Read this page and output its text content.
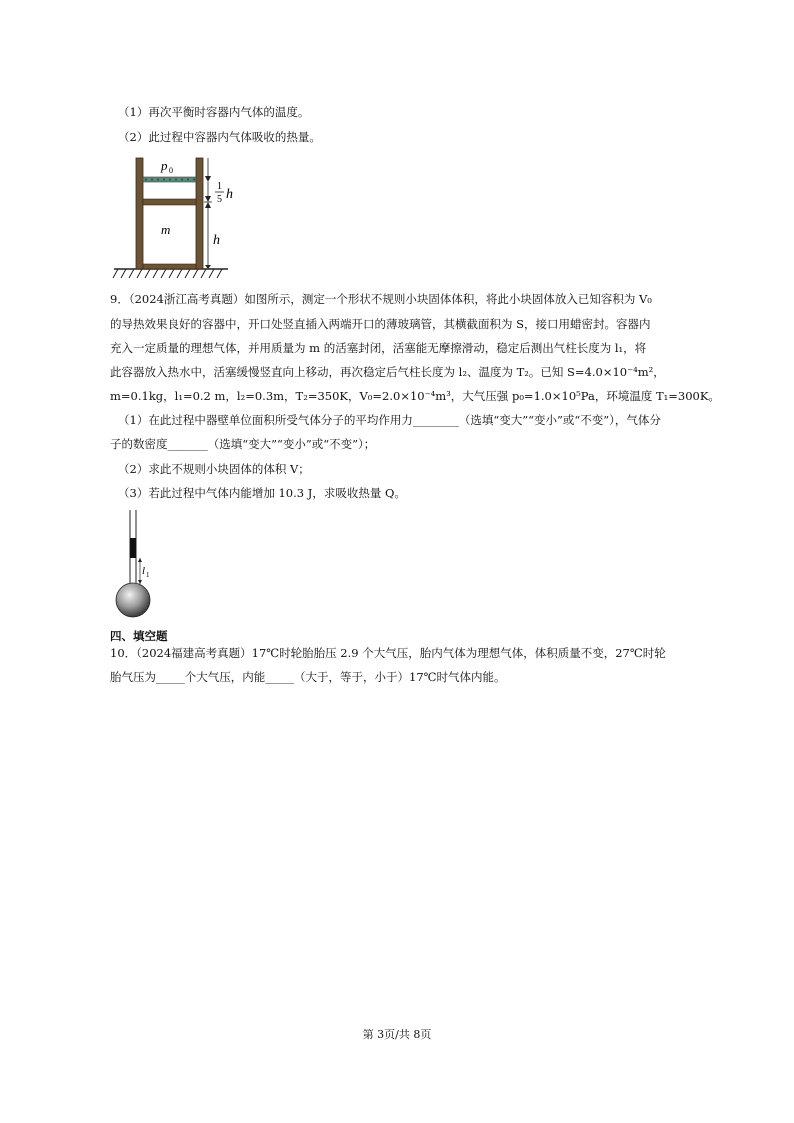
（1）再次平衡时容器内气体的温度。
（2）此过程中容器内气体吸收的热量。
p 0
m
h
1
5 h
9．（2024浙江高考真题）如图所示，测定一个形状不规则小块固体体积，将此小块固体放入已知容积为 V₀
的导热效果良好的容器中，开口处竖直插入两端开口的薄玻璃管，其横截面积为 S，接口用蜡密封。容器内
充入一定质量的理想气体，并用质量为 m 的活塞封闭，活塞能无摩擦滑动，稳定后测出气柱长度为 l₁，将
此容器放入热水中，活塞缓慢竖直向上移动，再次稳定后气柱长度为 l₂、温度为 T₂。已知 S=4.0×10⁻⁴m²，
m=0.1kg，l₁=0.2 m，l₂=0.3m，T₂=350K，V₀=2.0×10⁻⁴m³，大气压强 p₀=1.0×10⁵Pa，环境温度 T₁=300K。
（1）在此过程中器壁单位面积所受气体分子的平均作用力________（选填“变大”“变小”或“不变”），气体分
子的数密度_______（选填“变大”“变小”或“不变”）；
（2）求此不规则小块固体的体积 V；
（3）若此过程中气体内能增加 10.3 J，求吸收热量 Q。
l 1
四、填空题
10．（2024福建高考真题）17℃时轮胎胎压 2.9 个大气压，胎内气体为理想气体，体积质量不变，27℃时轮
胎气压为_____个大气压，内能_____（大于，等于，小于）17℃时气体内能。
第 3页/共 8页
